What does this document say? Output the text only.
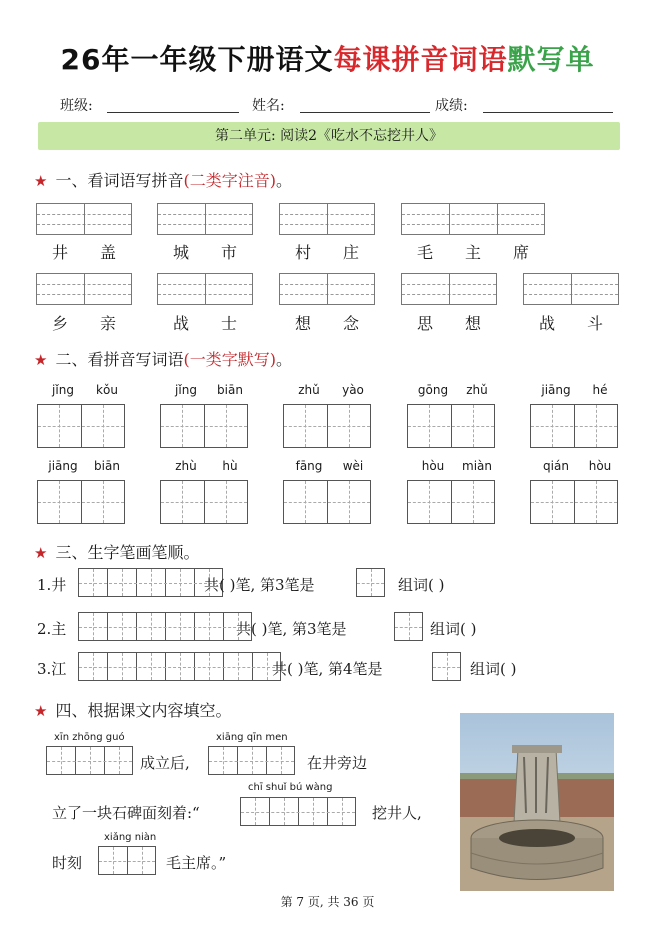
26年一年级下册语文每课拼音词语默写单
班级:	姓名:	成绩:
第二单元: 阅读2《吃水不忘挖井人》
★ 一、看词语写拼音(二类字注音)。
井	盖	城	市	村	庄	毛	主	席
乡	亲	战	士	想	念	思	想	战	斗
★ 二、看拼音写词语(一类字默写)。
jǐng	kǒu	jǐng	biān	zhǔ	yào	gōng	zhǔ	jiāng	hé
jiāng	biān	zhù	hù	fāng	wèi	hòu	miàn	qián	hòu
★ 三、生字笔画笔顺。
1.井	共( )笔, 第3笔是	组词( )
2.主	共( )笔, 第3笔是	组词( )
3.江	共( )笔, 第4笔是	组词( )
★ 四、根据课文内容填空。
xīn zhōng guó
成立后,
xiāng qīn men
在井旁边
立了一块石碑面刻着:“
chī shuǐ bú wàng
挖井人,
时刻
xiǎng niàn
毛主席。”
第 7 页, 共 36 页
